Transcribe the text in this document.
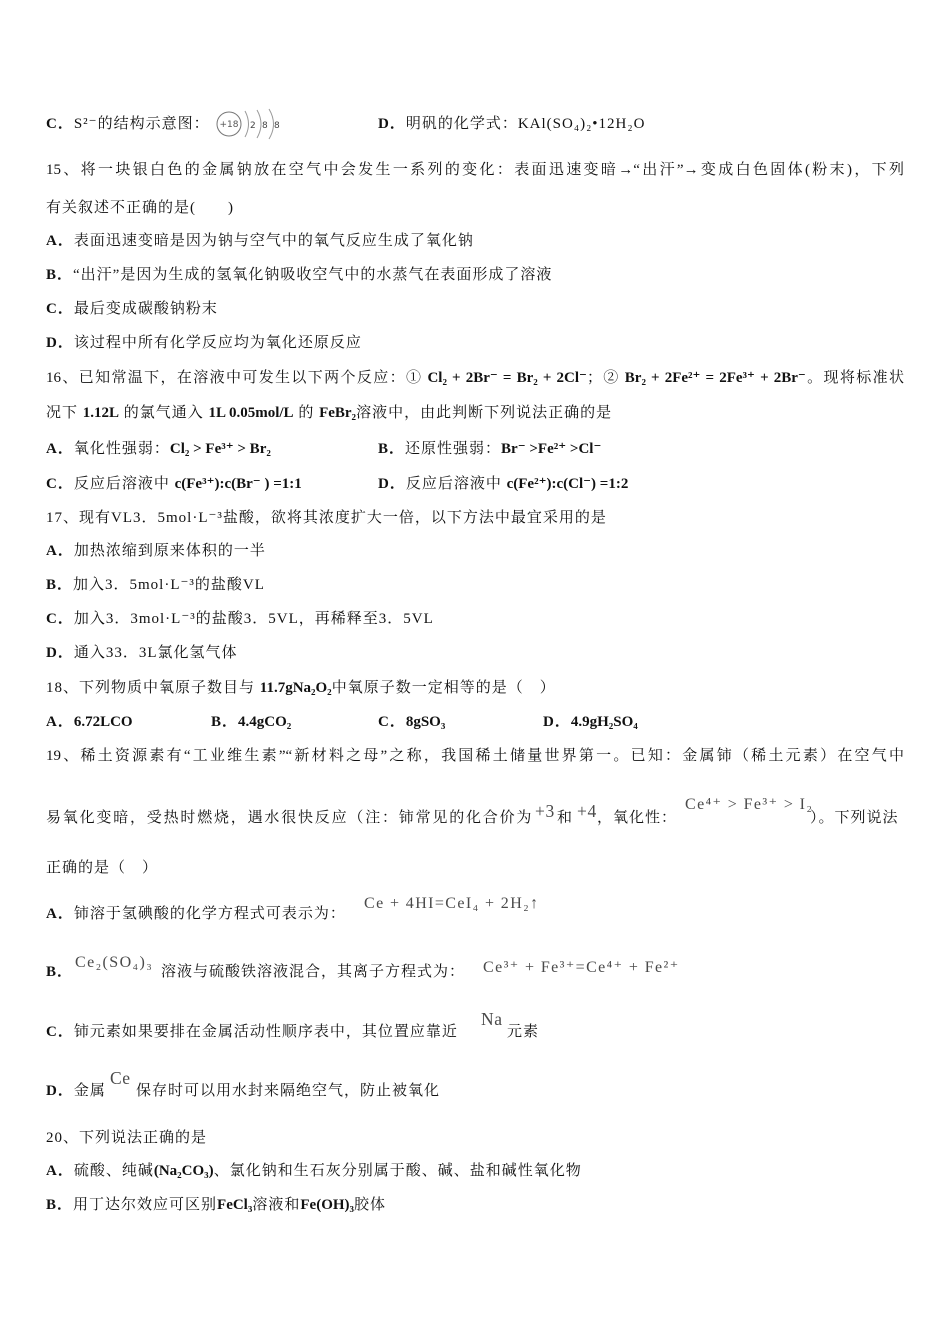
C．S²⁻的结构示意图： +18 2 8 8	D．明矾的化学式：KAl(SO₄)₂•12H₂O
15、将一块银白色的金属钠放在空气中会发生一系列的变化：表面迅速变暗→“出汗”→变成白色固体(粉末)，下列
有关叙述不正确的是(　　)
A．表面迅速变暗是因为钠与空气中的氧气反应生成了氧化钠
B．“出汗”是因为生成的氢氧化钠吸收空气中的水蒸气在表面形成了溶液
C．最后变成碳酸钠粉末
D．该过程中所有化学反应均为氧化还原反应
16、已知常温下，在溶液中可发生以下两个反应：① Cl₂ + 2Br⁻ = Br₂ + 2Cl⁻；② Br₂ + 2Fe²⁺ = 2Fe³⁺ + 2Br⁻。现将标准状
况下 1.12L 的氯气通入 1L 0.05mol/L 的 FeBr₂溶液中，由此判断下列说法正确的是
A．氧化性强弱：Cl₂ > Fe³⁺ > Br₂	B．还原性强弱：Br⁻ >Fe²⁺ >Cl⁻
C．反应后溶液中 c(Fe³⁺):c(Br⁻ ) =1:1	D．反应后溶液中 c(Fe²⁺):c(Cl⁻) =1:2
17、现有VL3．5mol·L⁻³盐酸，欲将其浓度扩大一倍，以下方法中最宜采用的是
A．加热浓缩到原来体积的一半
B．加入3．5mol·L⁻³的盐酸VL
C．加入3．3mol·L⁻³的盐酸3．5VL，再稀释至3．5VL
D．通入33．3L氯化氢气体
18、下列物质中氧原子数目与 11.7gNa₂O₂中氧原子数一定相等的是（　）
A．6.72LCO	B．4.4gCO₂	C．8gSO₃	D．4.9gH₂SO₄
19、稀土资源素有“工业维生素”“新材料之母”之称，我国稀土储量世界第一。已知：金属铈（稀土元素）在空气中
易氧化变暗，受热时燃烧，遇水很快反应（注：铈常见的化合价为 +3 和 +4 ，氧化性：
Ce⁴⁺ > Fe³⁺ > I₂
）。下列说法
正确的是（　）
A．铈溶于氢碘酸的化学方程式可表示为：
Ce + 4HI=CeI₄ + 2H₂↑
B．
Ce₂(SO₄)₃
溶液与硫酸铁溶液混合，其离子方程式为： Ce³⁺ + Fe³⁺=Ce⁴⁺ + Fe²⁺
C．铈元素如果要排在金属活动性顺序表中，其位置应靠近
Na
元素
D．金属
Ce
保存时可以用水封来隔绝空气，防止被氧化
20、下列说法正确的是
A．硫酸、纯碱(Na₂CO₃)、氯化钠和生石灰分别属于酸、碱、盐和碱性氧化物
B．用丁达尔效应可区别FeCl₃溶液和Fe(OH)₃胶体
